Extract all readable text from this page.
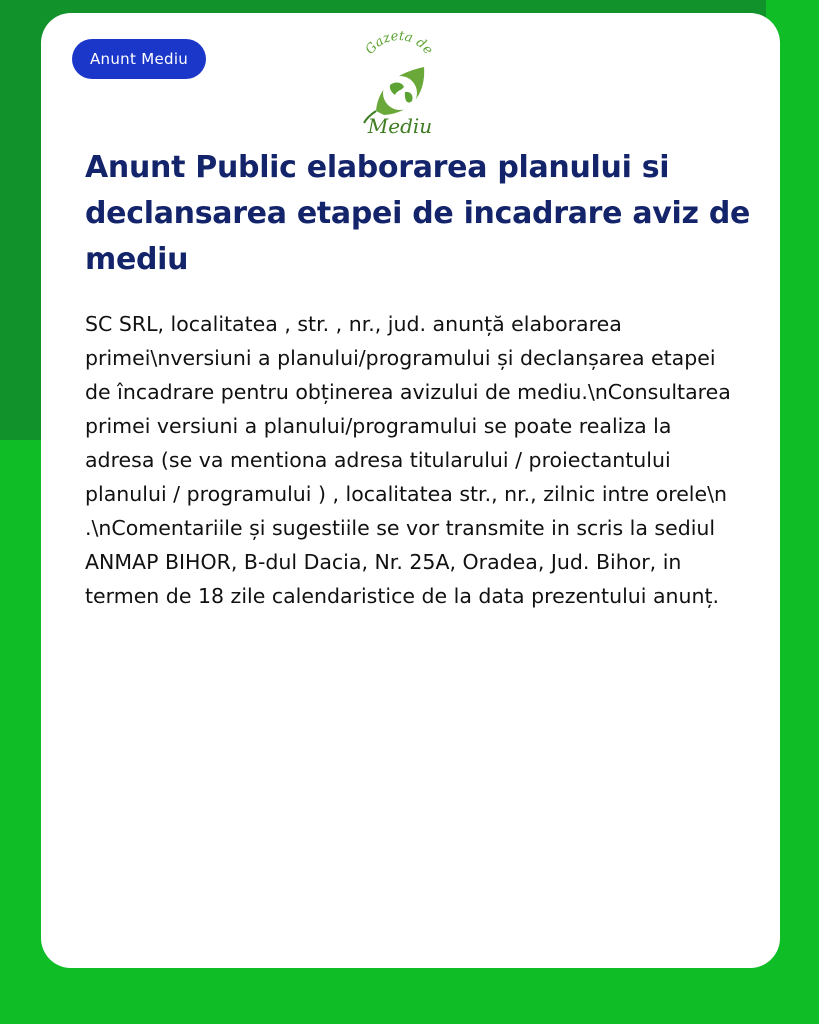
Anunt Mediu
Gazeta de
Mediu
Anunt Public elaborarea planului si declansarea etapei de incadrare aviz de mediu

SC SRL, localitatea , str. , nr., jud. anunță elaborarea primei\nversiuni a planului/programului și declanșarea etapei de încadrare pentru obținerea avizului de mediu.\nConsultarea primei versiuni a planului/programului se poate realiza la adresa (se va mentiona adresa titularului / proiectantului planului / programului ) , localitatea str., nr., zilnic intre orele\n .\nComentariile și sugestiile se vor transmite in scris la sediul ANMAP BIHOR, B-dul Dacia, Nr. 25A, Oradea, Jud. Bihor, in termen de 18 zile calendaristice de la data prezentului anunț.
